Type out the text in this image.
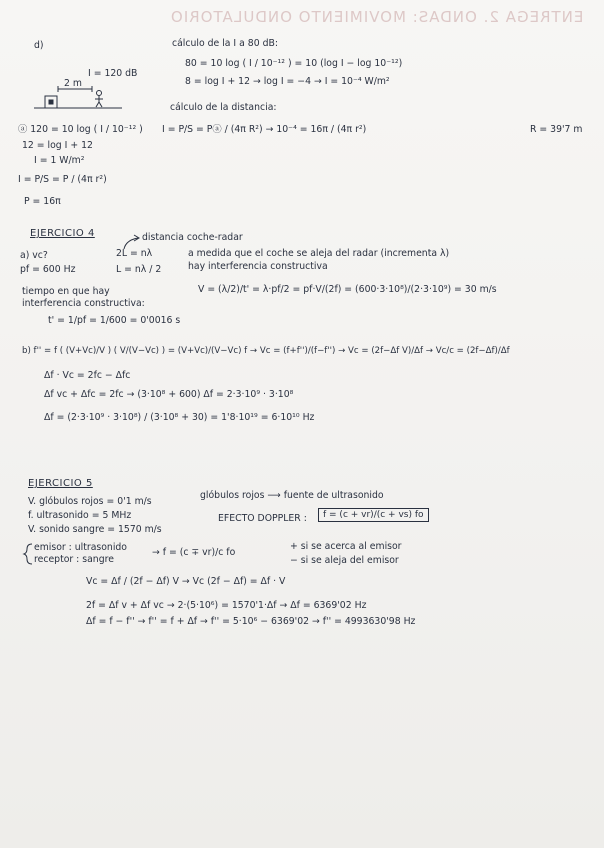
ENTREGA 2. ONDAS: MOVIMIENTO ONDULATORIO
d)	cálculo de la I a 80 dB:
80 = 10 log ( I / 10⁻¹² ) = 10 (log I − log 10⁻¹²)
8 = log I + 12 → log I = −4 → I = 10⁻⁴ W/m²
I = 120 dB
2 m
cálculo de la distancia:
I = P/S = Pⓐ / (4π R²) → 10⁻⁴ = 16π / (4π r²)	R = 39'7 m
ⓐ 120 = 10 log ( I / 10⁻¹² )
12 = log I + 12
I = 1 W/m²
I = P/S = P / (4π r²)
P = 16π
EJERCICIO 4	distancia coche-radar
a) vc?
pf = 600 Hz
2L = nλ
L = nλ / 2
a medida que el coche se aleja del radar (incrementa λ)
hay interferencia constructiva
tiempo en que hay
interferencia constructiva:
t' = 1/pf = 1/600 = 0'0016 s
V = (λ/2)/t' = λ·pf/2 = pf·V/(2f) = (600·3·10⁸)/(2·3·10⁹) = 30 m/s
b) f'' = f ( (V+Vc)/V ) ( V/(V−Vc) ) = (V+Vc)/(V−Vc) f → Vc = (f+f'')/(f−f'') → Vc = (2f−Δf V)/Δf → Vc/c = (2f−Δf)/Δf
Δf · Vc = 2fc − Δfc
Δf vc + Δfc = 2fc → (3·10⁸ + 600) Δf = 2·3·10⁹ · 3·10⁸
Δf = (2·3·10⁹ · 3·10⁸) / (3·10⁸ + 30) = 1'8·10¹⁹ = 6·10¹⁰ Hz
EJERCICIO 5
V. glóbulos rojos = 0'1 m/s
f. ultrasonido = 5 MHz
V. sonido sangre = 1570 m/s
glóbulos rojos ⟶ fuente de ultrasonido
EFECTO DOPPLER :	f = (c + vr)/(c + vs) fo
emisor : ultrasonido
receptor : sangre
→ f = (c ∓ vr)/c fo
+ si se acerca al emisor
− si se aleja del emisor
Vc = Δf / (2f − Δf) V → Vc (2f − Δf) = Δf · V
2f = Δf v + Δf vc → 2·(5·10⁶) = 1570'1·Δf → Δf = 6369'02 Hz
Δf = f − f'' → f'' = f + Δf → f'' = 5·10⁶ − 6369'02 → f'' = 4993630'98 Hz
